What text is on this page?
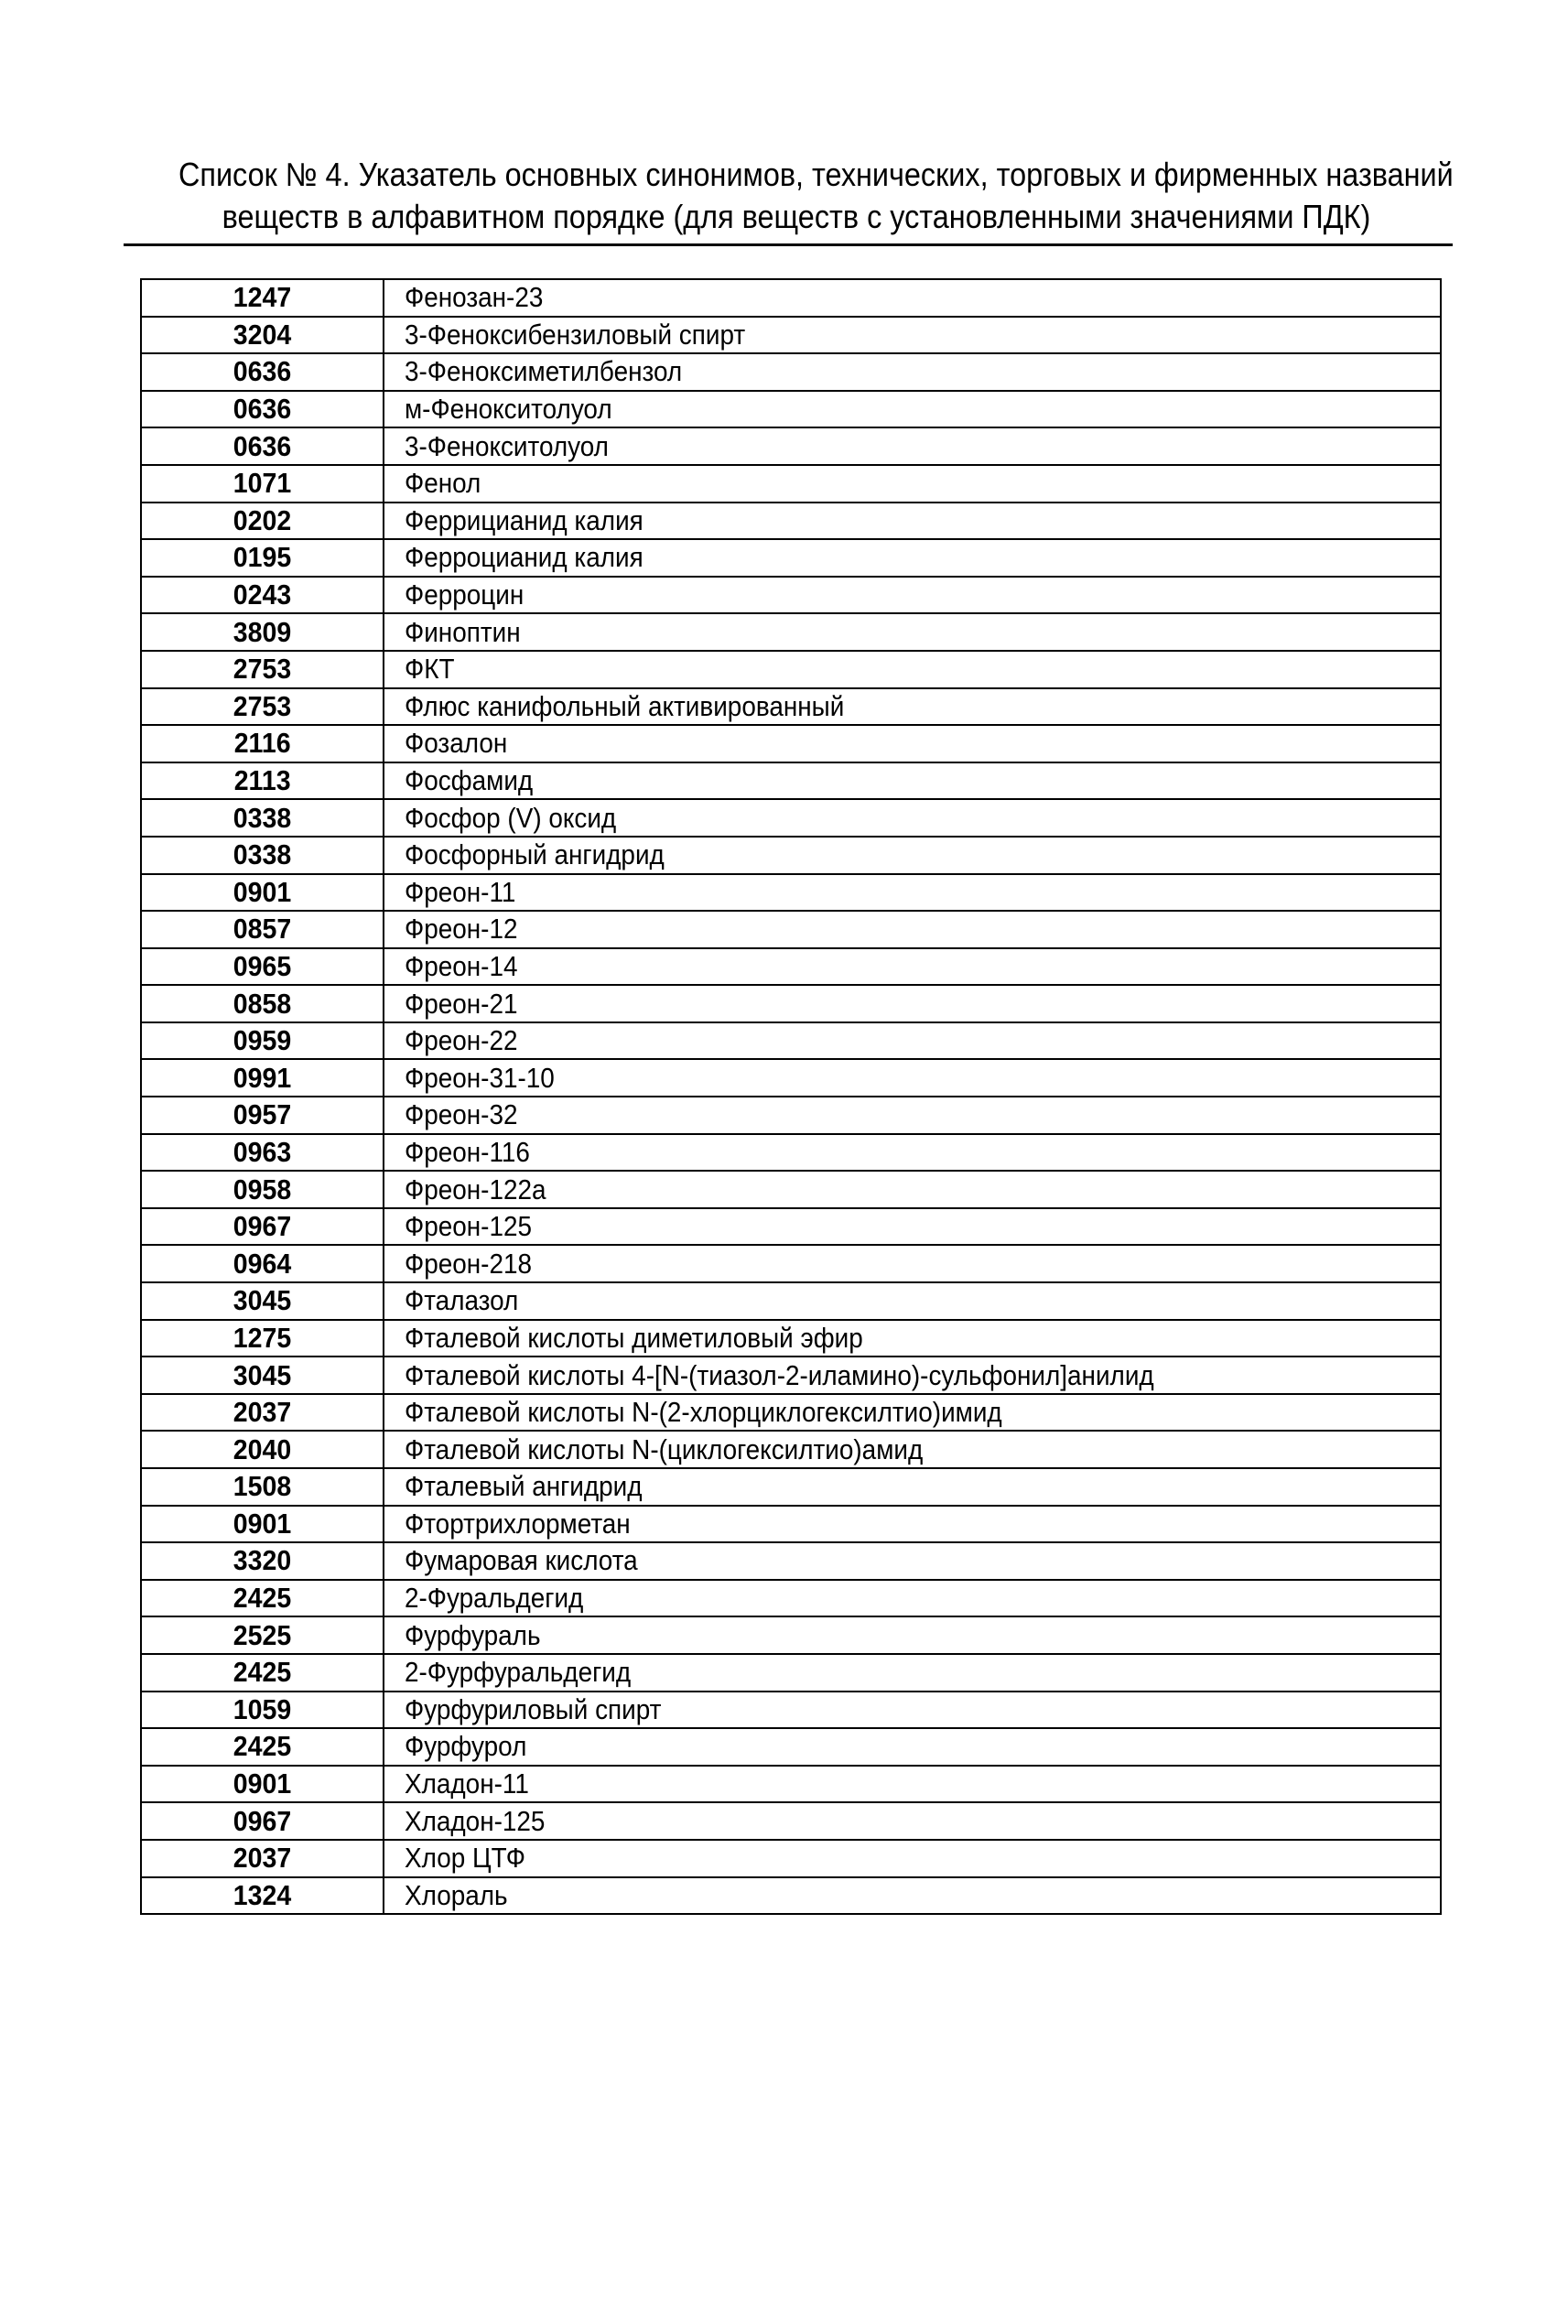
Список № 4. Указатель основных синонимов, технических, торговых и фирменных названий
веществ в алфавитном порядке (для веществ с установленными значениями ПДК)
1247	Фенозан-23
3204	3-Феноксибензиловый спирт
0636	3-Феноксиметилбензол
0636	м-Фенокситолуол
0636	3-Фенокситолуол
1071	Фенол
0202	Феррицианид калия
0195	Ферроцианид калия
0243	Ферроцин
3809	Финоптин
2753	ФКТ
2753	Флюс канифольный активированный
2116	Фозалон
2113	Фосфамид
0338	Фосфор (V) оксид
0338	Фосфорный ангидрид
0901	Фреон-11
0857	Фреон-12
0965	Фреон-14
0858	Фреон-21
0959	Фреон-22
0991	Фреон-31-10
0957	Фреон-32
0963	Фреон-116
0958	Фреон-122а
0967	Фреон-125
0964	Фреон-218
3045	Фталазол
1275	Фталевой кислоты диметиловый эфир
3045	Фталевой кислоты 4-[N-(тиазол-2-иламино)-сульфонил]анилид
2037	Фталевой кислоты N-(2-хлорциклогексилтио)имид
2040	Фталевой кислоты N-(циклогексилтио)амид
1508	Фталевый ангидрид
0901	Фтортрихлорметан
3320	Фумаровая кислота
2425	2-Фуральдегид
2525	Фурфураль
2425	2-Фурфуральдегид
1059	Фурфуриловый спирт
2425	Фурфурол
0901	Хладон-11
0967	Хладон-125
2037	Хлор ЦТФ
1324	Хлораль
